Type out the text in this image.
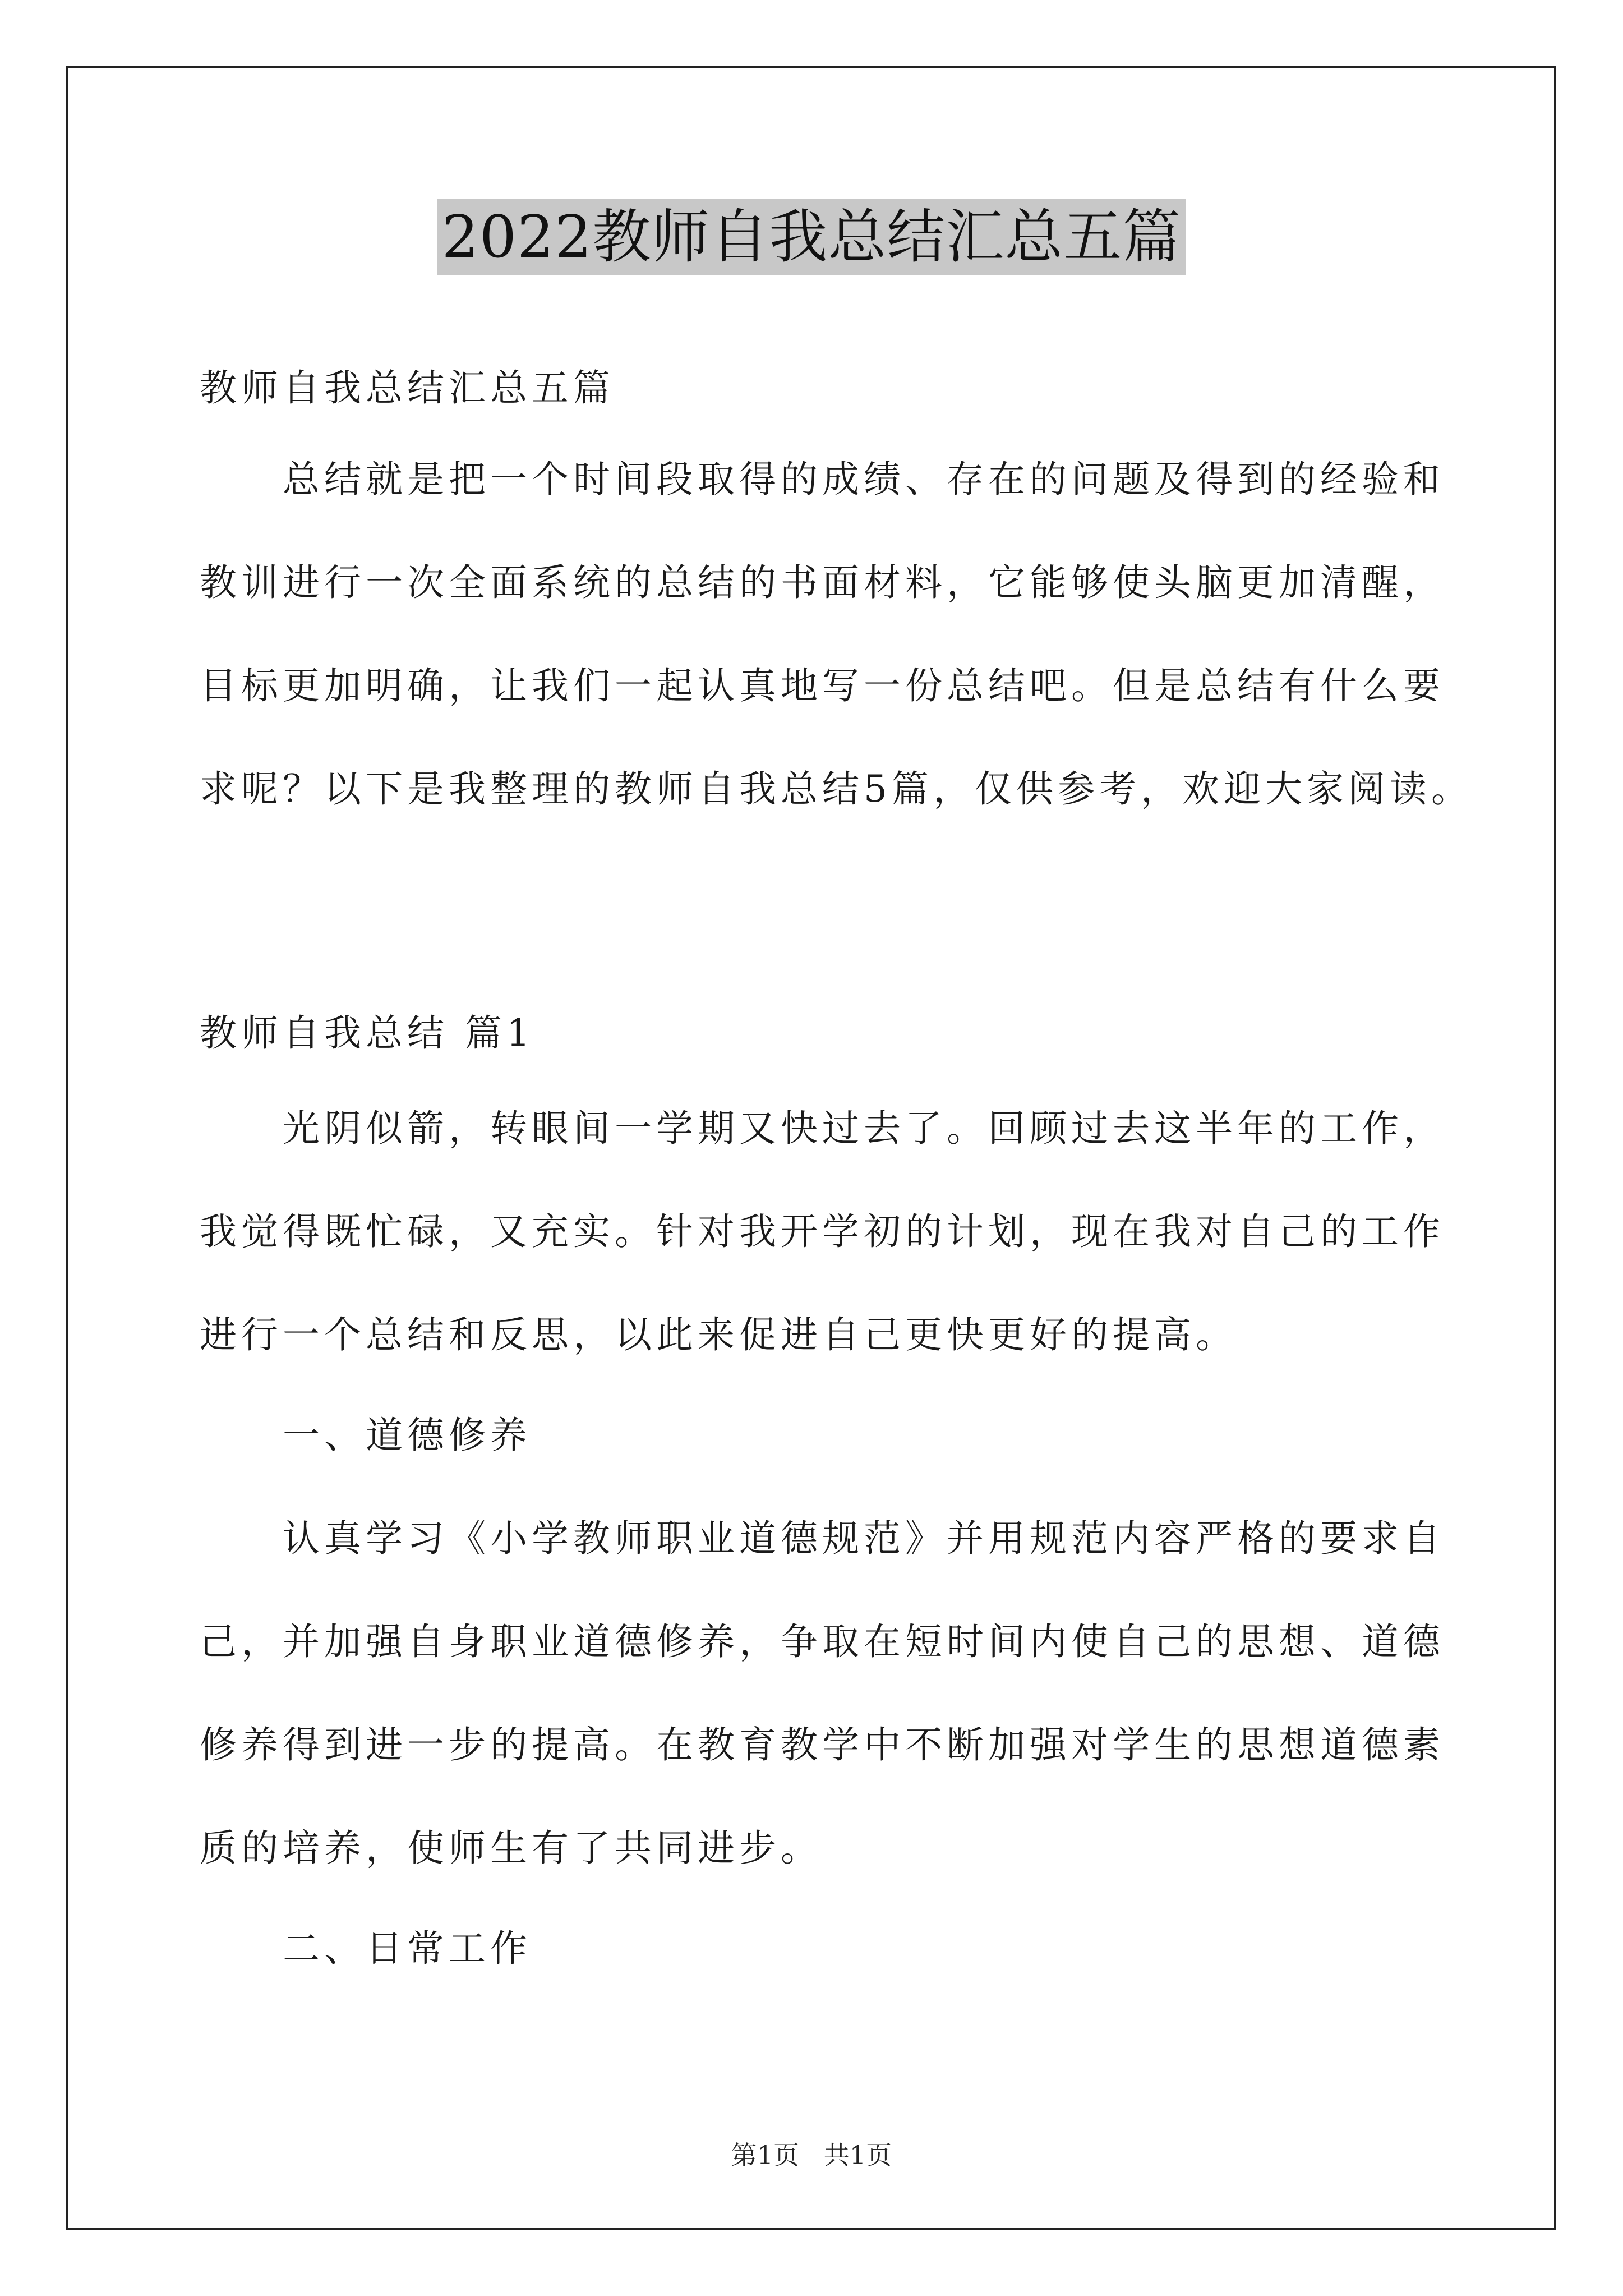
2022教师自我总结汇总五篇
教师自我总结汇总五篇
总结就是把一个时间段取得的成绩、存在的问题及得到的经验和
教训进行一次全面系统的总结的书面材料，它能够使头脑更加清醒，
目标更加明确，让我们一起认真地写一份总结吧。但是总结有什么要
求呢？以下是我整理的教师自我总结5篇，仅供参考，欢迎大家阅读。
教师自我总结 篇1
光阴似箭，转眼间一学期又快过去了。回顾过去这半年的工作，
我觉得既忙碌，又充实。针对我开学初的计划，现在我对自己的工作
进行一个总结和反思，以此来促进自己更快更好的提高。
一、道德修养
认真学习《小学教师职业道德规范》并用规范内容严格的要求自
己，并加强自身职业道德修养，争取在短时间内使自己的思想、道德
修养得到进一步的提高。在教育教学中不断加强对学生的思想道德素
质的培养，使师生有了共同进步。
二、日常工作
第1页   共1页
